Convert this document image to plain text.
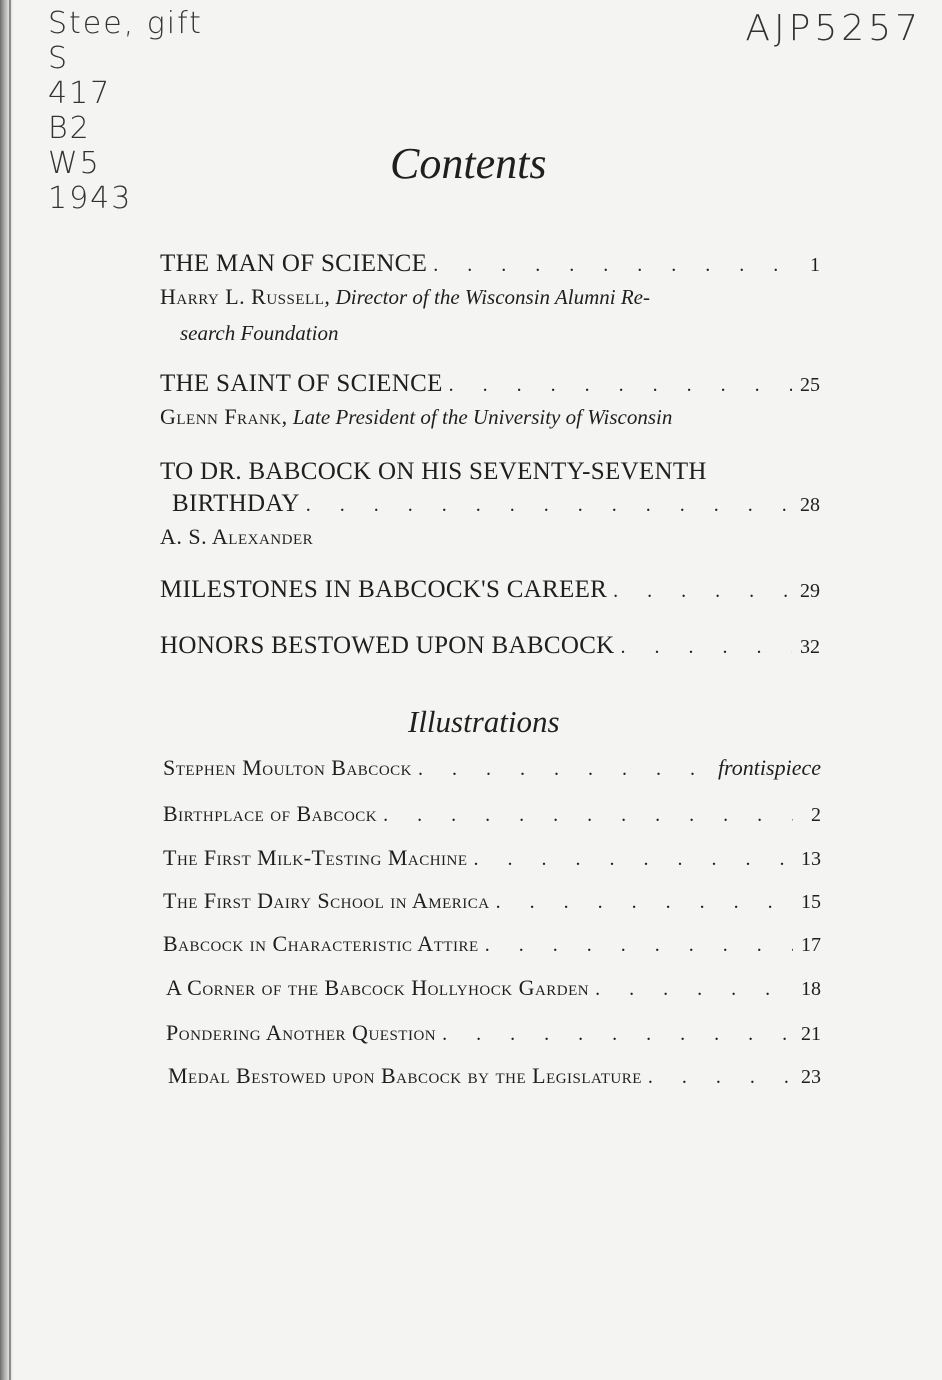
Stee, gift
S
417
B2
W5
1943
AJP5257
Contents
THE MAN OF SCIENCE . . .	1
Harry L. Russell, Director of the Wisconsin Alumni Re-
search Foundation
THE SAINT OF SCIENCE . . .	25
Glenn Frank, Late President of the University of Wisconsin
TO DR. BABCOCK ON HIS SEVENTY-SEVENTH
BIRTHDAY . . .	28
A. S. Alexander
MILESTONES IN BABCOCK'S CAREER . . .	29
HONORS BESTOWED UPON BABCOCK . . .	32
Illustrations
Stephen Moulton Babcock . . .	frontispiece
Birthplace of Babcock . . .	2
The First Milk-Testing Machine . . .	13
The First Dairy School in America . . .	15
Babcock in Characteristic Attire . . .	17
A Corner of the Babcock Hollyhock Garden . . .	18
Pondering Another Question . . .	21
Medal Bestowed upon Babcock by the Legislature . . .	23
